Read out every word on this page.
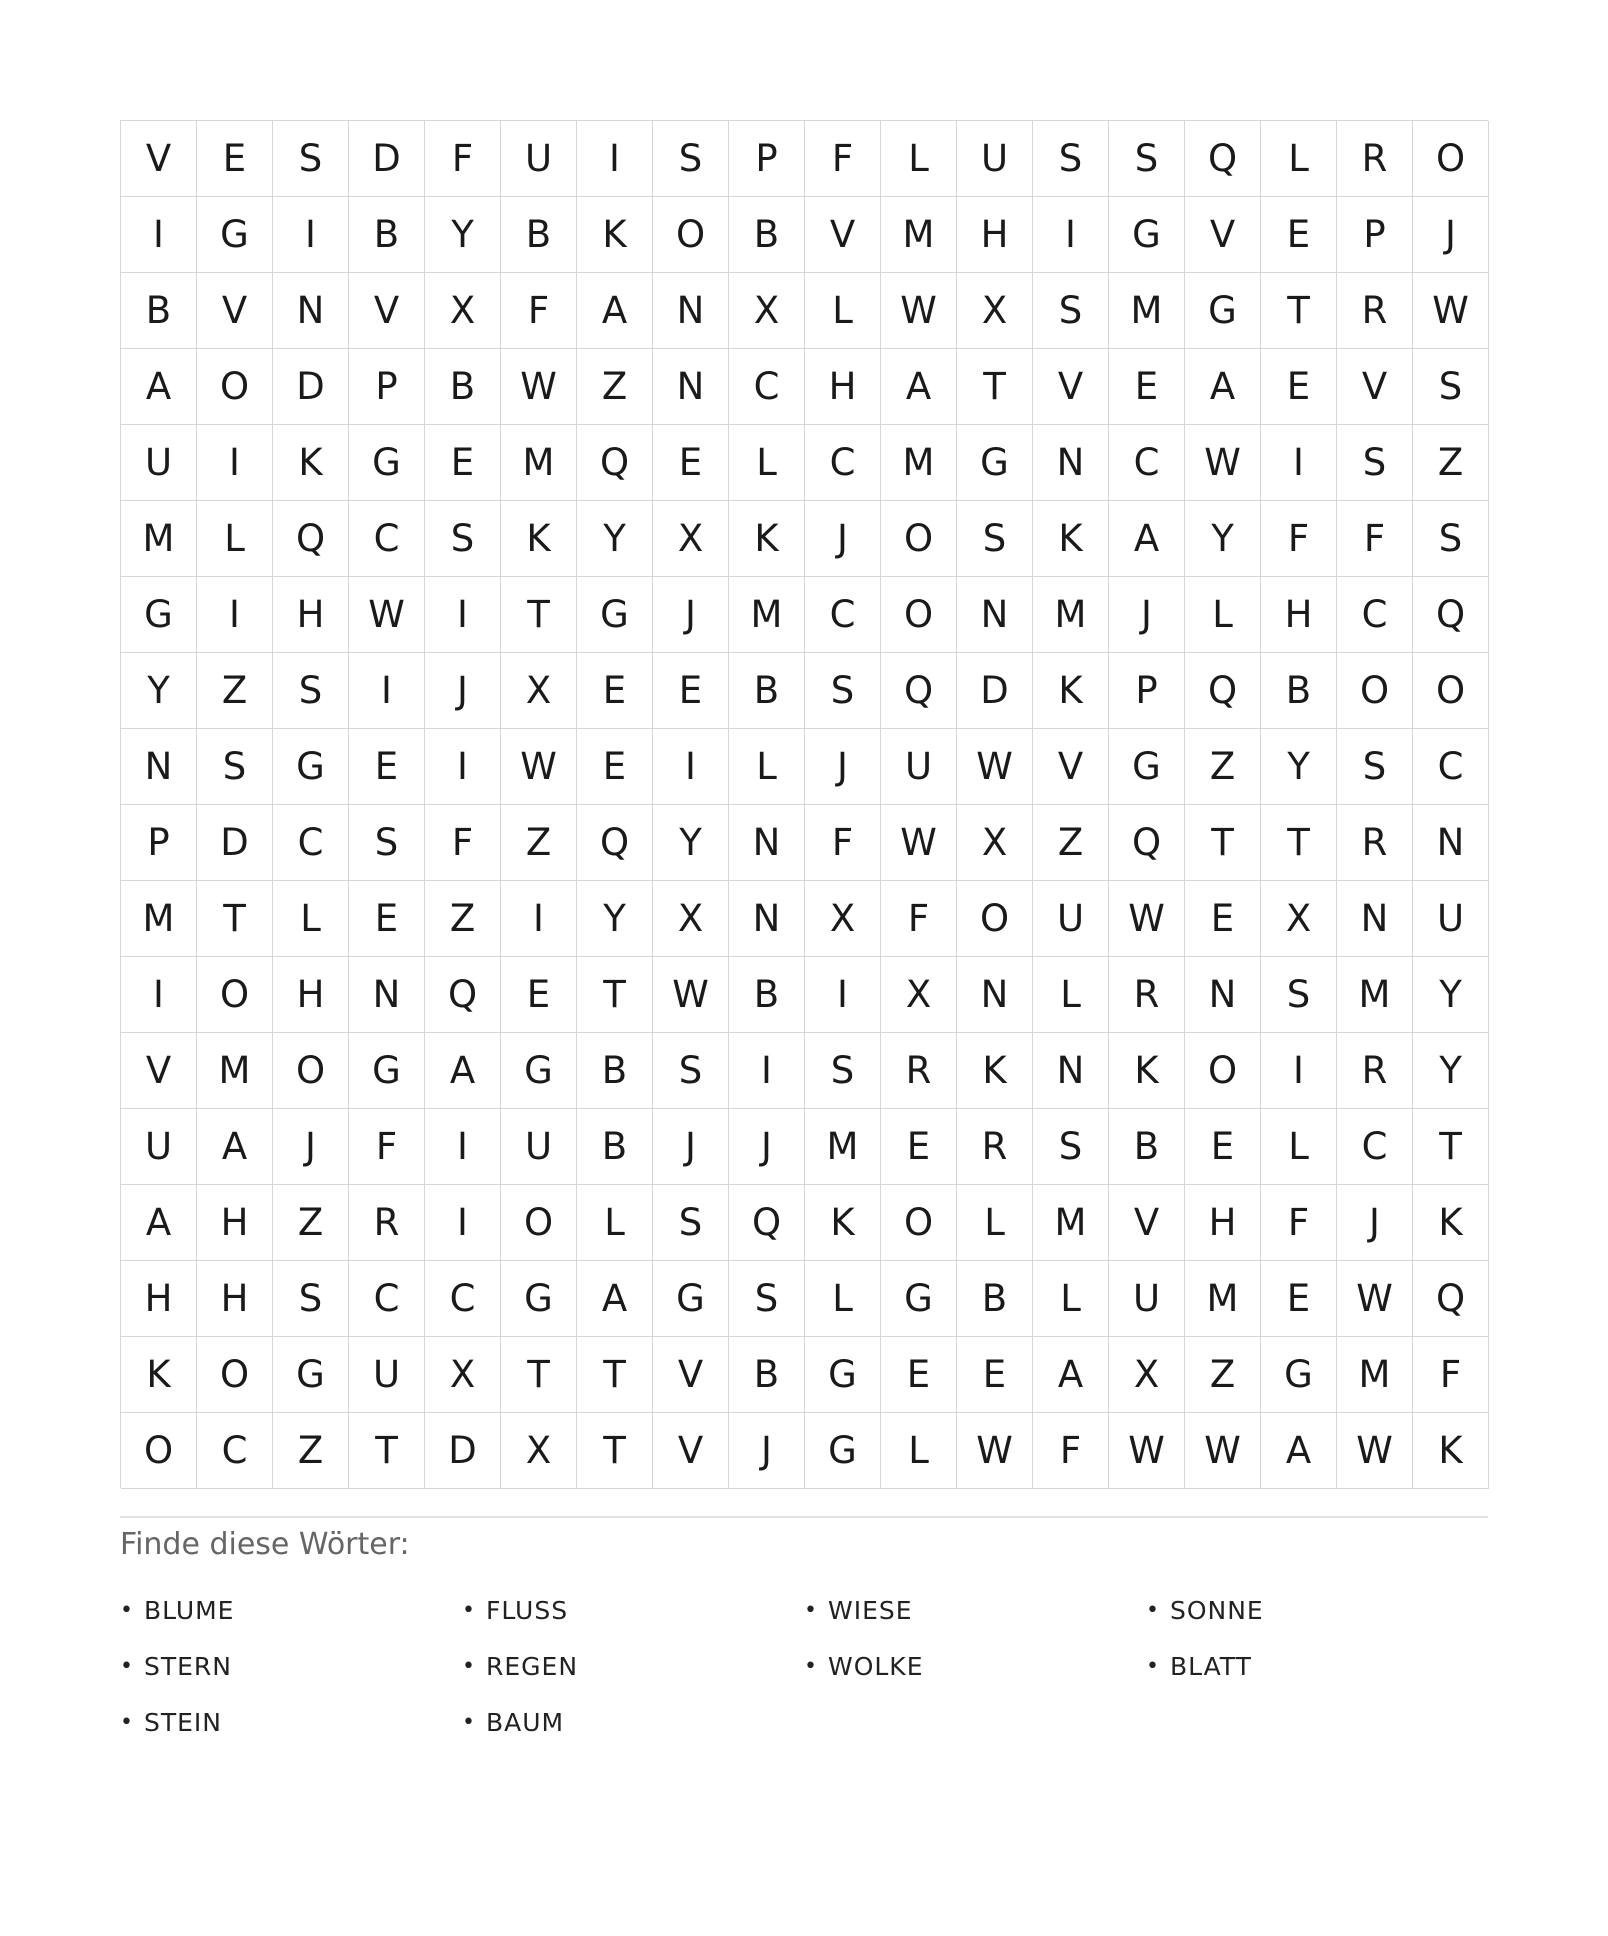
V	E	S	D	F	U	I	S	P	F	L	U	S	S	Q	L	R	O
I	G	I	B	Y	B	K	O	B	V	M	H	I	G	V	E	P	J
B	V	N	V	X	F	A	N	X	L	W	X	S	M	G	T	R	W
A	O	D	P	B	W	Z	N	C	H	A	T	V	E	A	E	V	S
U	I	K	G	E	M	Q	E	L	C	M	G	N	C	W	I	S	Z
M	L	Q	C	S	K	Y	X	K	J	O	S	K	A	Y	F	F	S
G	I	H	W	I	T	G	J	M	C	O	N	M	J	L	H	C	Q
Y	Z	S	I	J	X	E	E	B	S	Q	D	K	P	Q	B	O	O
N	S	G	E	I	W	E	I	L	J	U	W	V	G	Z	Y	S	C
P	D	C	S	F	Z	Q	Y	N	F	W	X	Z	Q	T	T	R	N
M	T	L	E	Z	I	Y	X	N	X	F	O	U	W	E	X	N	U
I	O	H	N	Q	E	T	W	B	I	X	N	L	R	N	S	M	Y
V	M	O	G	A	G	B	S	I	S	R	K	N	K	O	I	R	Y
U	A	J	F	I	U	B	J	J	M	E	R	S	B	E	L	C	T
A	H	Z	R	I	O	L	S	Q	K	O	L	M	V	H	F	J	K
H	H	S	C	C	G	A	G	S	L	G	B	L	U	M	E	W	Q
K	O	G	U	X	T	T	V	B	G	E	E	A	X	Z	G	M	F
O	C	Z	T	D	X	T	V	J	G	L	W	F	W	W	A	W	K
Finde diese Wörter:
• BLUME	• FLUSS	• WIESE	• SONNE
• STERN	• REGEN	• WOLKE	• BLATT
• STEIN	• BAUM
